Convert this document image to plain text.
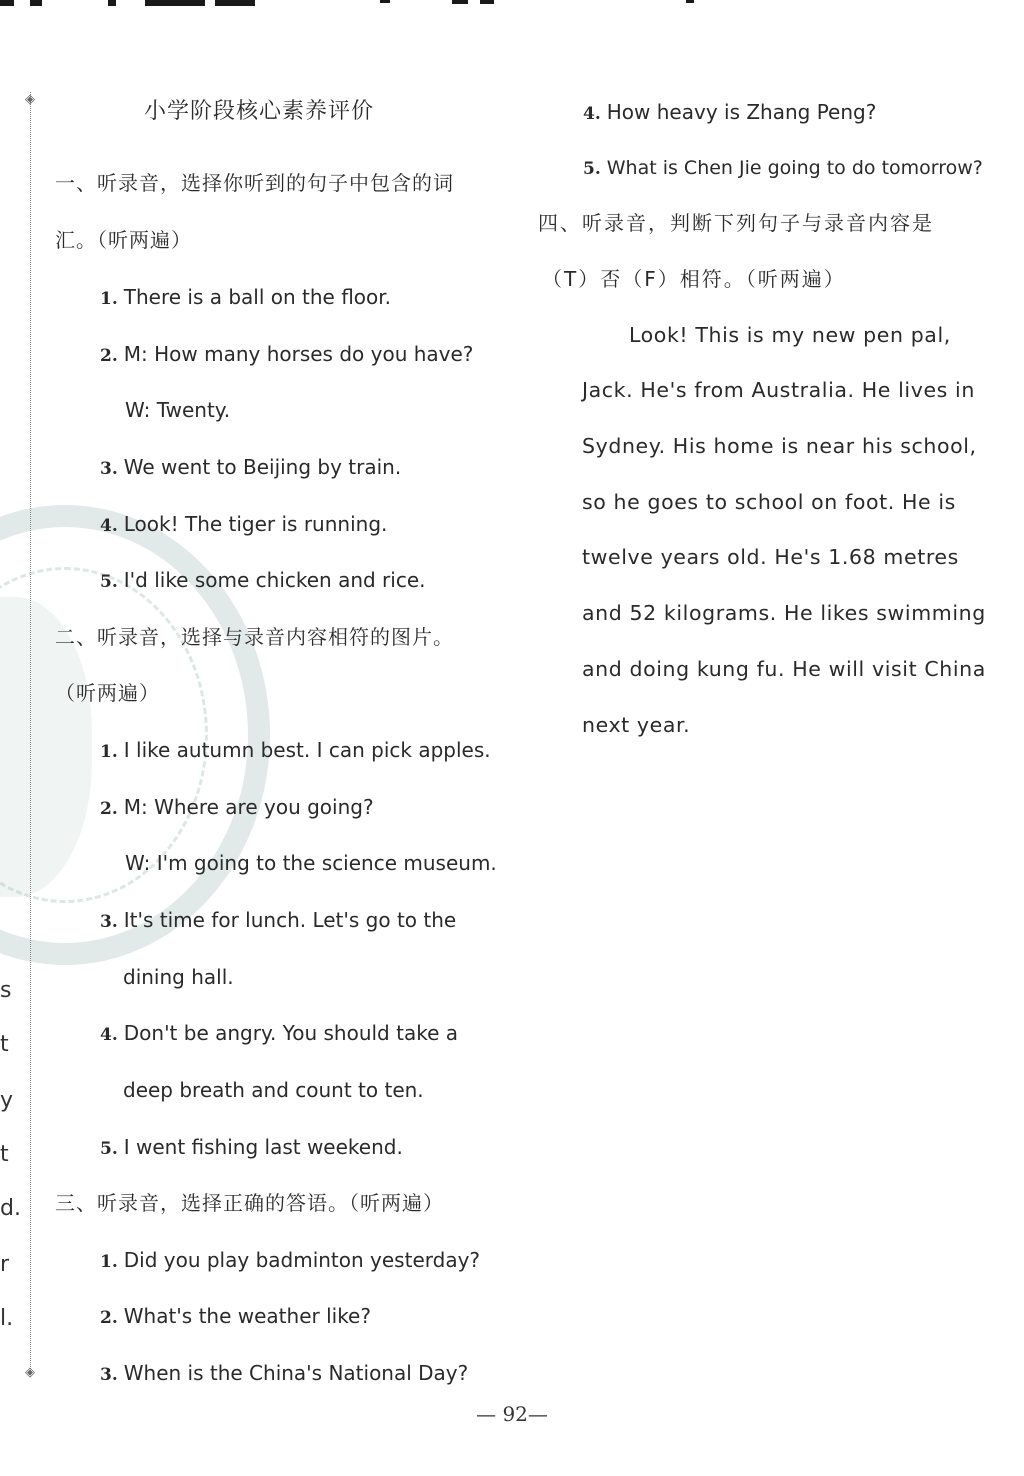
◈
◈
s
t
y
t
d.
r
l.
小学阶段核心素养评价
一、听录音，选择你听到的句子中包含的词
汇。（听两遍）
1. There is a ball on the floor.
2. M: How many horses do you have?
W: Twenty.
3. We went to Beijing by train.
4. Look! The tiger is running.
5. I'd like some chicken and rice.
二、听录音，选择与录音内容相符的图片。
（听两遍）
1. I like autumn best. I can pick apples.
2. M: Where are you going?
W: I'm going to the science museum.
3. It's time for lunch. Let's go to the
dining hall.
4. Don't be angry. You should take a
deep breath and count to ten.
5. I went fishing last weekend.
三、听录音，选择正确的答语。（听两遍）
1. Did you play badminton yesterday?
2. What's the weather like?
3. When is the China's National Day?
4. How heavy is Zhang Peng?
5. What is Chen Jie going to do tomorrow?
四、听录音，判断下列句子与录音内容是
（T）否（F）相符。（听两遍）
Look! This is my new pen pal,
Jack. He's from Australia. He lives in
Sydney. His home is near his school,
so he goes to school on foot. He is
twelve years old. He's 1.68 metres
and 52 kilograms. He likes swimming
and doing kung fu. He will visit China
next year.
— 92—
